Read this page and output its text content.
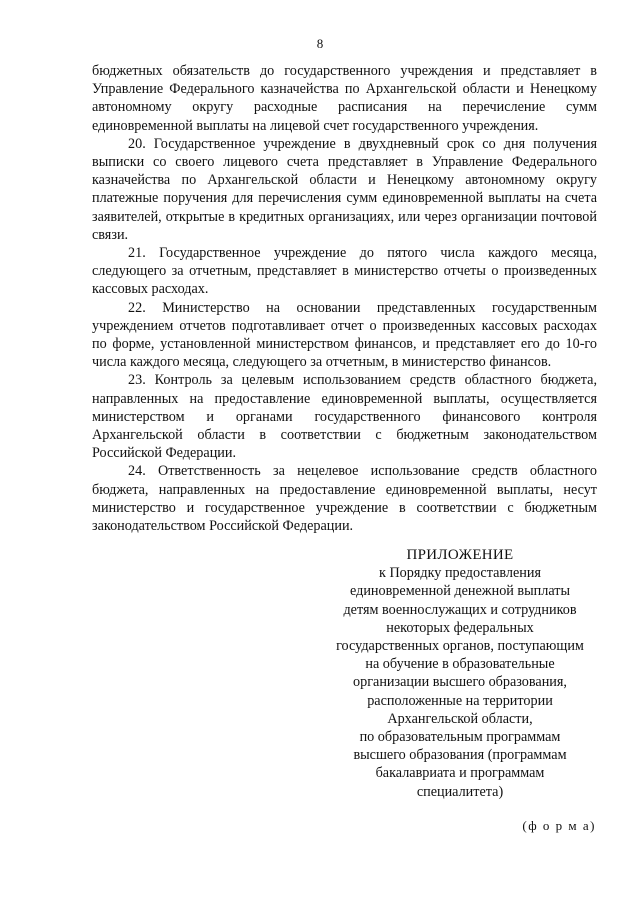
8

бюджетных обязательств до государственного учреждения и представляет в Управление Федерального казначейства по Архангельской области и Ненецкому автономному округу расходные расписания на перечисление сумм единовременной выплаты на лицевой счет государственного учреждения.

20. Государственное учреждение в двухдневный срок со дня получения выписки со своего лицевого счета представляет в Управление Федерального казначейства по Архангельской области и Ненецкому автономному округу платежные поручения для перечисления сумм единовременной выплаты на счета заявителей, открытые в кредитных организациях, или через организации почтовой связи.

21. Государственное учреждение до пятого числа каждого месяца, следующего за отчетным, представляет в министерство отчеты о произведенных кассовых расходах.

22. Министерство на основании представленных государственным учреждением отчетов подготавливает отчет о произведенных кассовых расходах по форме, установленной министерством финансов, и представляет его до 10-го числа каждого месяца, следующего за отчетным, в министерство финансов.

23. Контроль за целевым использованием средств областного бюджета, направленных на предоставление единовременной выплаты, осуществляется министерством и органами государственного финансового контроля Архангельской области в соответствии с бюджетным законодательством Российской Федерации.

24. Ответственность за нецелевое использование средств областного бюджета, направленных на предоставление единовременной выплаты, несут министерство и государственное учреждение в соответствии с бюджетным законодательством Российской Федерации.

ПРИЛОЖЕНИЕ
к Порядку предоставления
единовременной денежной выплаты
детям военнослужащих и сотрудников
некоторых федеральных
государственных органов, поступающим
на обучение в образовательные
организации высшего образования,
расположенные на территории
Архангельской области,
по образовательным программам
высшего образования (программам
бакалавриата и программам
специалитета)
(ф о р м а)
